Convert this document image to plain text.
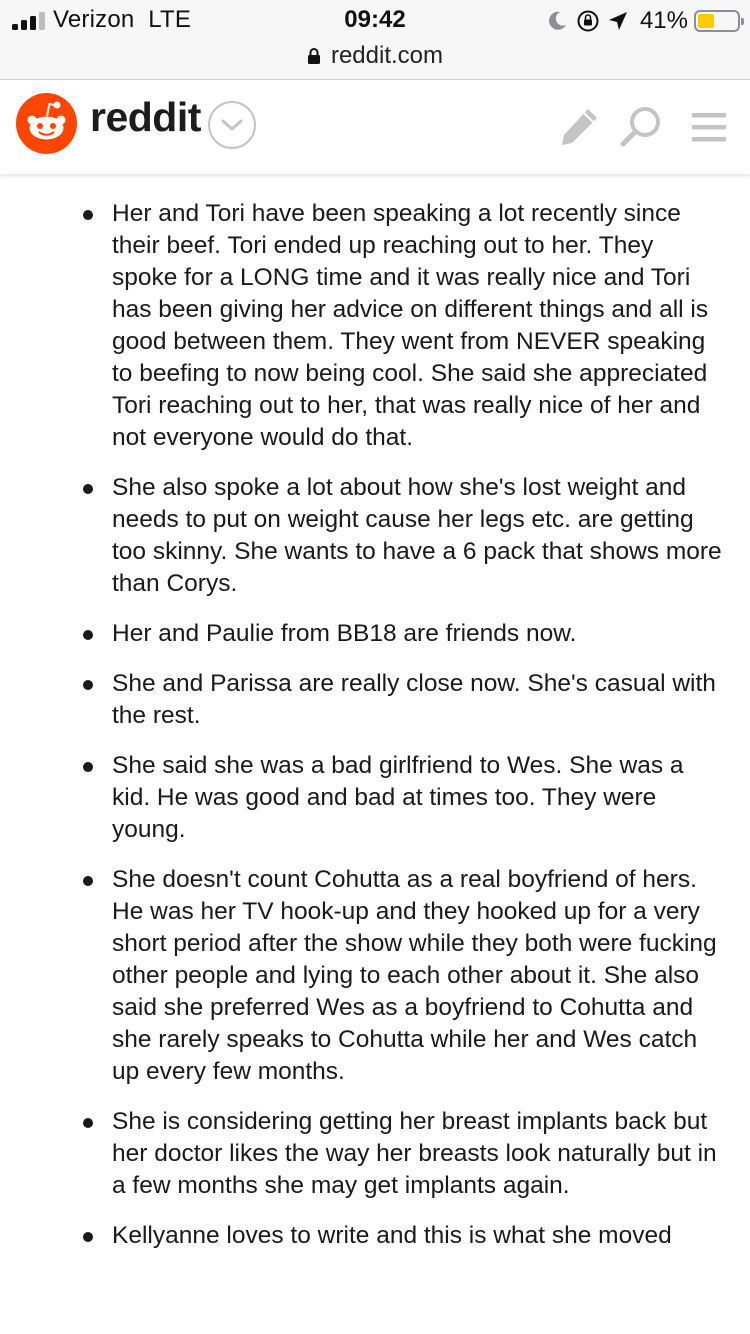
Verizon LTE	09:42	41%
reddit.com
reddit
Her and Tori have been speaking a lot recently since their beef. Tori ended up reaching out to her. They spoke for a LONG time and it was really nice and Tori has been giving her advice on different things and all is good between them. They went from NEVER speaking to beefing to now being cool. She said she appreciated Tori reaching out to her, that was really nice of her and not everyone would do that.
She also spoke a lot about how she's lost weight and needs to put on weight cause her legs etc. are getting too skinny. She wants to have a 6 pack that shows more than Corys.
Her and Paulie from BB18 are friends now.
She and Parissa are really close now. She's casual with the rest.
She said she was a bad girlfriend to Wes. She was a kid. He was good and bad at times too. They were young.
She doesn't count Cohutta as a real boyfriend of hers. He was her TV hook-up and they hooked up for a very short period after the show while they both were fucking other people and lying to each other about it. She also said she preferred Wes as a boyfriend to Cohutta and she rarely speaks to Cohutta while her and Wes catch up every few months.
She is considering getting her breast implants back but her doctor likes the way her breasts look naturally but in a few months she may get implants again.
Kellyanne loves to write and this is what she moved
